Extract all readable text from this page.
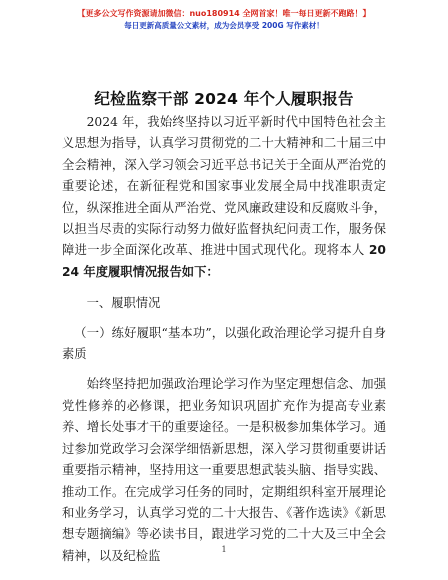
【更多公文写作资源请加微信：nuo180914 全网首家！唯一每日更新不跑路！】
每日更新高质量公文素材，成为会员享受 200G 写作素材！
纪检监察干部 2024 年个人履职报告

2024 年，我始终坚持以习近平新时代中国特色社会主义思想为指导，认真学习贯彻党的二十大精神和二十届三中全会精神，深入学习领会习近平总书记关于全面从严治党的重要论述，在新征程党和国家事业发展全局中找准职责定位，纵深推进全面从严治党、党风廉政建设和反腐败斗争，以担当尽责的实际行动努力做好监督执纪问责工作，服务保障进一步全面深化改革、推进中国式现代化。现将本人 2024 年度履职情况报告如下：

一、履职情况

（一）练好履职“基本功”，以强化政治理论学习提升自身素质

始终坚持把加强政治理论学习作为坚定理想信念、加强党性修养的必修课，把业务知识巩固扩充作为提高专业素养、增长处事才干的重要途径。一是积极参加集体学习。通过参加党政学习会深学细悟新思想，深入学习贯彻重要讲话重要指示精神，坚持用这一重要思想武装头脑、指导实践、推动工作。在完成学习任务的同时，定期组织科室开展理论和业务学习，认真学习党的二十大报告、《著作选读》《新思想专题摘编》等必读书目，跟进学习党的二十大及三中全会精神，以及纪检监	1
